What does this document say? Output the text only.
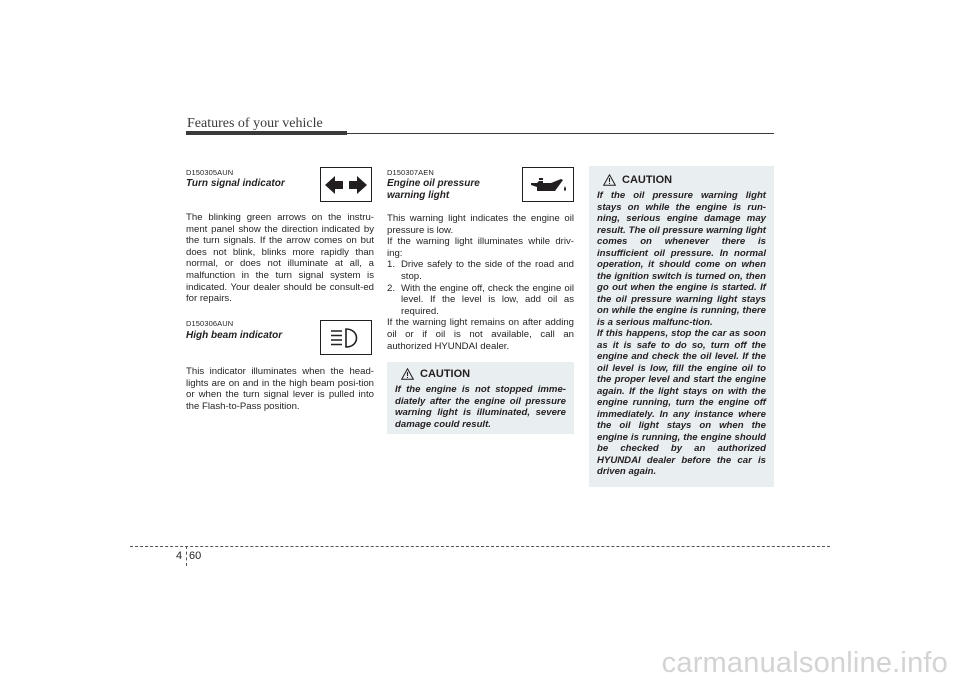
Features of your vehicle
D150305AUN
Turn signal indicator
The blinking green arrows on the instru-ment panel show the direction indicated by the turn signals. If the arrow comes on but does not blink, blinks more rapidly than normal, or does not illuminate at all, a malfunction in the turn signal system is indicated. Your dealer should be consult-ed for repairs.
D150306AUN
High beam indicator
This indicator illuminates when the head-lights are on and in the high beam posi-tion or when the turn signal lever is pulled into the Flash-to-Pass position.
D150307AEN
Engine oil pressure
warning light

This warning light indicates the engine oil pressure is low.

If the warning light illuminates while driv-ing:

1. Drive safely to the side of the road and stop.
2. With the engine off, check the engine oil level. If the level is low, add oil as required.

If the warning light remains on after adding oil or if oil is not available, call an authorized HYUNDAI dealer.

CAUTION
If the engine is not stopped imme-diately after the engine oil pressure warning light is illuminated, severe damage could result.
CAUTION

If the oil pressure warning light stays on while the engine is run-ning, serious engine damage may result. The oil pressure warning light comes on whenever there is insufficient oil pressure. In normal operation, it should come on when the ignition switch is turned on, then go out when the engine is started. If the oil pressure warning light stays on while the engine is running, there is a serious malfunc-tion.

If this happens, stop the car as soon as it is safe to do so, turn off the engine and check the oil level. If the oil level is low, fill the engine oil to the proper level and start the engine again. If the light stays on with the engine running, turn the engine off immediately. In any instance where the oil light stays on when the engine is running, the engine should be checked by an authorized HYUNDAI dealer before the car is driven again.

4 60
carmanualsonline.info
